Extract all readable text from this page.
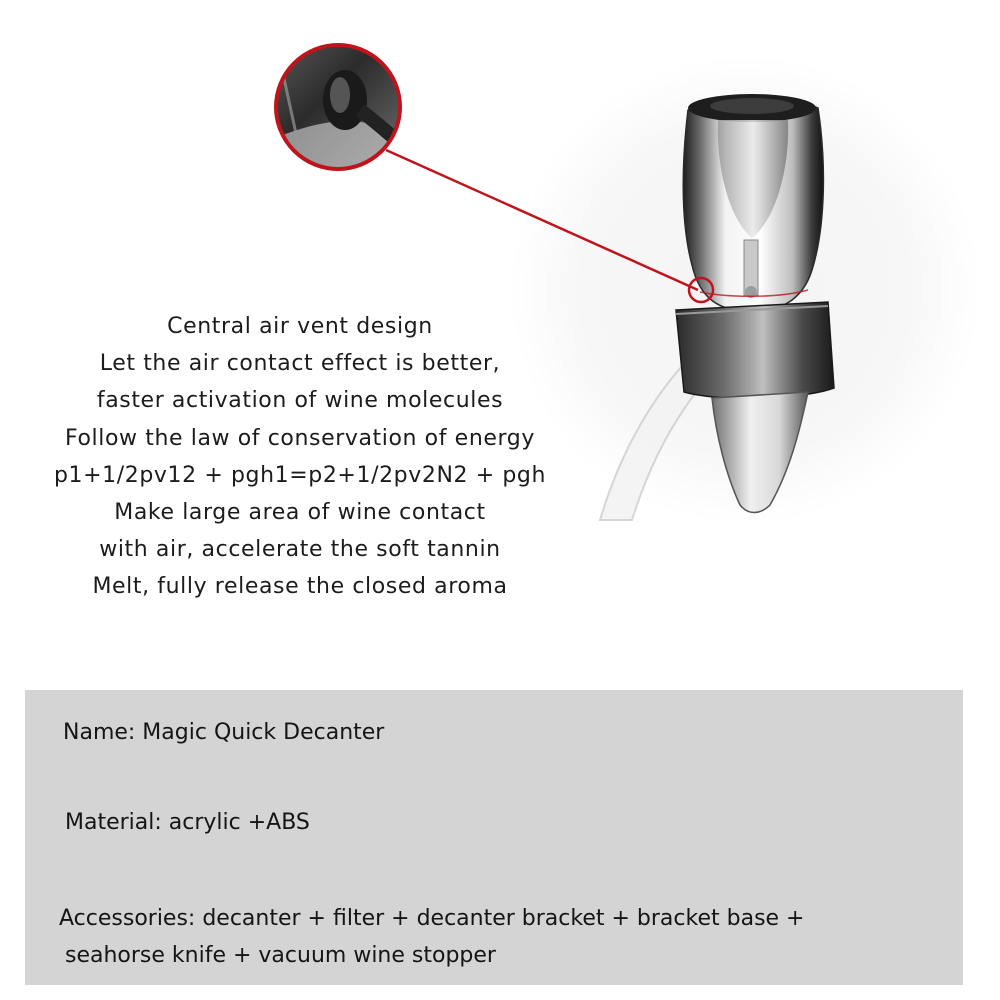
Central air vent design
Let the air contact effect is better,
faster activation of wine molecules
Follow the law of conservation of energy
p1+1/2pv12 + pgh1=p2+1/2pv2N2 + pgh
Make large area of wine contact
with air, accelerate the soft tannin
Melt, fully release the closed aroma
Name: Magic Quick Decanter
Material: acrylic +ABS
Accessories: decanter + filter + decanter bracket + bracket base +
seahorse knife + vacuum wine stopper
